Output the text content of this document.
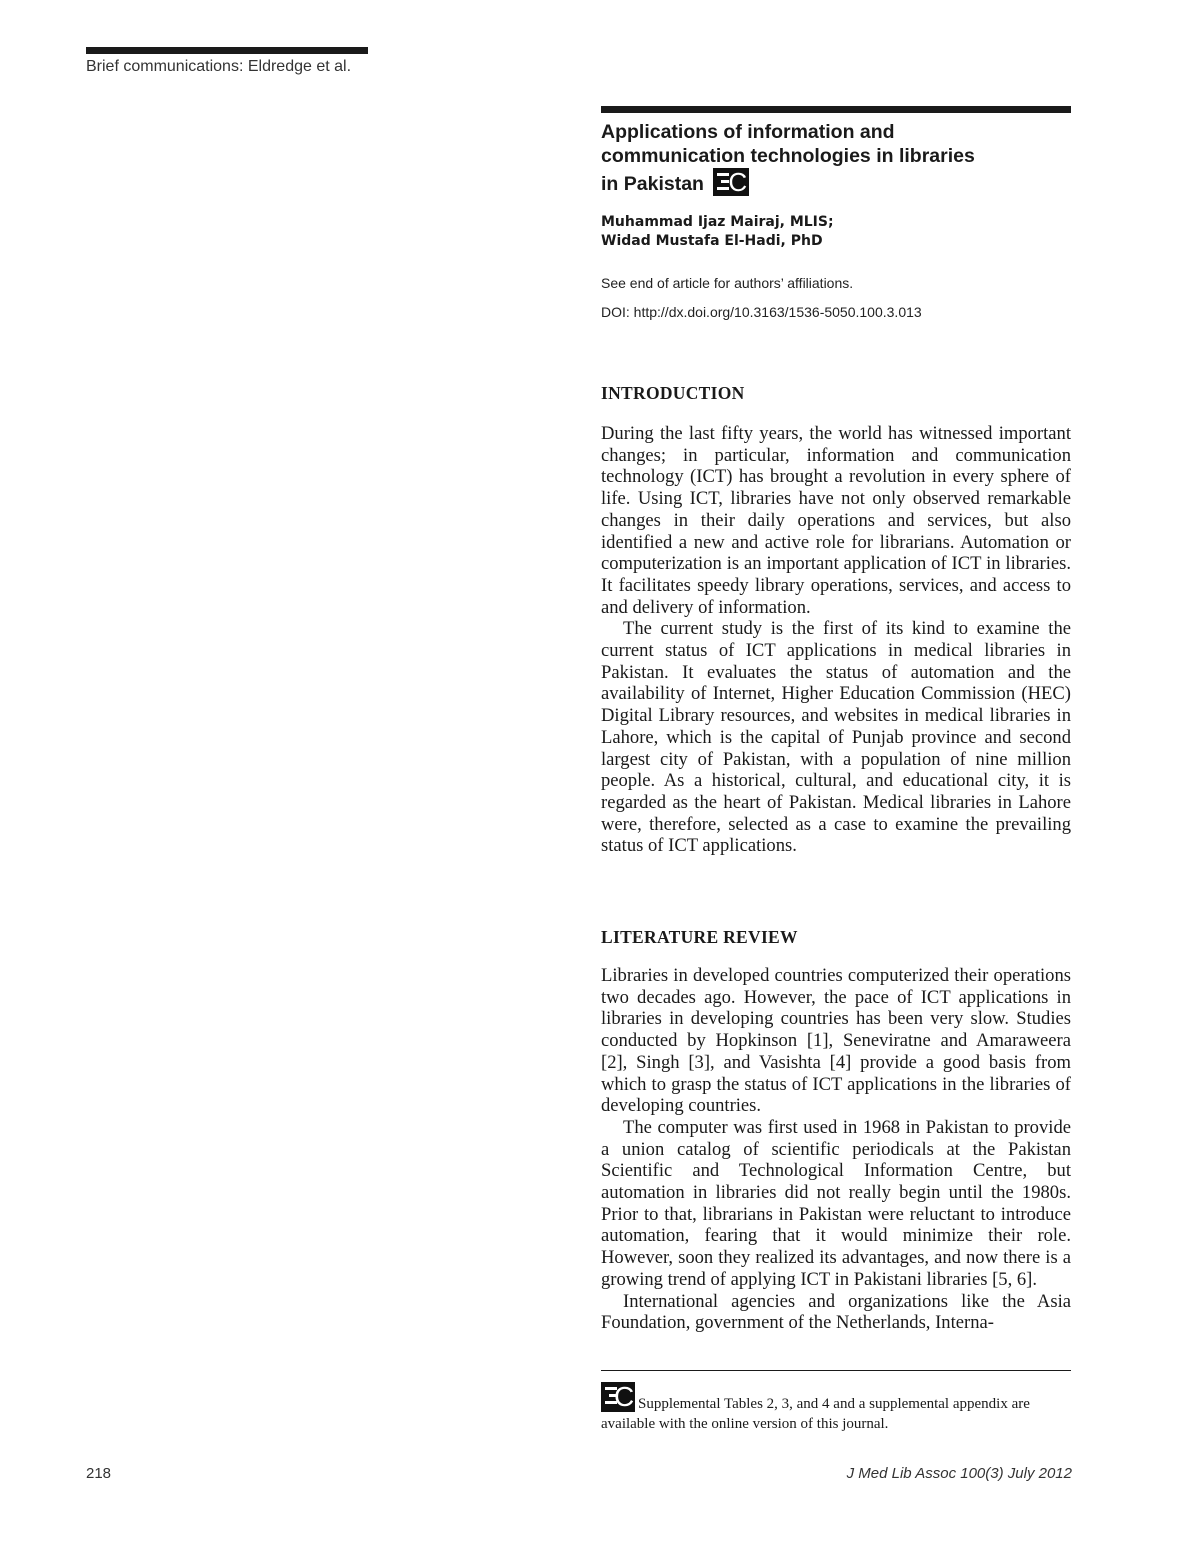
Brief communications: Eldredge et al.
Applications of information and
communication technologies in libraries
in Pakistan C
Muhammad Ijaz Mairaj, MLIS;
Widad Mustafa El-Hadi, PhD
See end of article for authors’ affiliations.
DOI: http://dx.doi.org/10.3163/1536-5050.100.3.013
INTRODUCTION

During the last fifty years, the world has witnessed important changes; in particular, information and communication technology (ICT) has brought a revolution in every sphere of life. Using ICT, libraries have not only observed remarkable changes in their daily operations and services, but also identified a new and active role for librarians. Automation or computerization is an important application of ICT in libraries. It facilitates speedy library operations, services, and access to and delivery of information.

The current study is the first of its kind to examine the current status of ICT applications in medical libraries in Pakistan. It evaluates the status of automation and the availability of Internet, Higher Education Commission (HEC) Digital Library resources, and websites in medical libraries in Lahore, which is the capital of Punjab province and second largest city of Pakistan, with a population of nine million people. As a historical, cultural, and educational city, it is regarded as the heart of Pakistan. Medical libraries in Lahore were, therefore, selected as a case to examine the prevailing status of ICT applications.

LITERATURE REVIEW

Libraries in developed countries computerized their operations two decades ago. However, the pace of ICT applications in libraries in developing countries has been very slow. Studies conducted by Hopkinson [1], Seneviratne and Amaraweera [2], Singh [3], and Vasishta [4] provide a good basis from which to grasp the status of ICT applications in the libraries of developing countries.

The computer was first used in 1968 in Pakistan to provide a union catalog of scientific periodicals at the Pakistan Scientific and Technological Information Centre, but automation in libraries did not really begin until the 1980s. Prior to that, librarians in Pakistan were reluctant to introduce automation, fearing that it would minimize their role. However, soon they realized its advantages, and now there is a growing trend of applying ICT in Pakistani libraries [5, 6].

International agencies and organizations like the Asia Foundation, government of the Netherlands, Interna-

C Supplemental Tables 2, 3, and 4 and a supplemental appendix are available with the online version of this journal.
218	J Med Lib Assoc 100(3) July 2012
